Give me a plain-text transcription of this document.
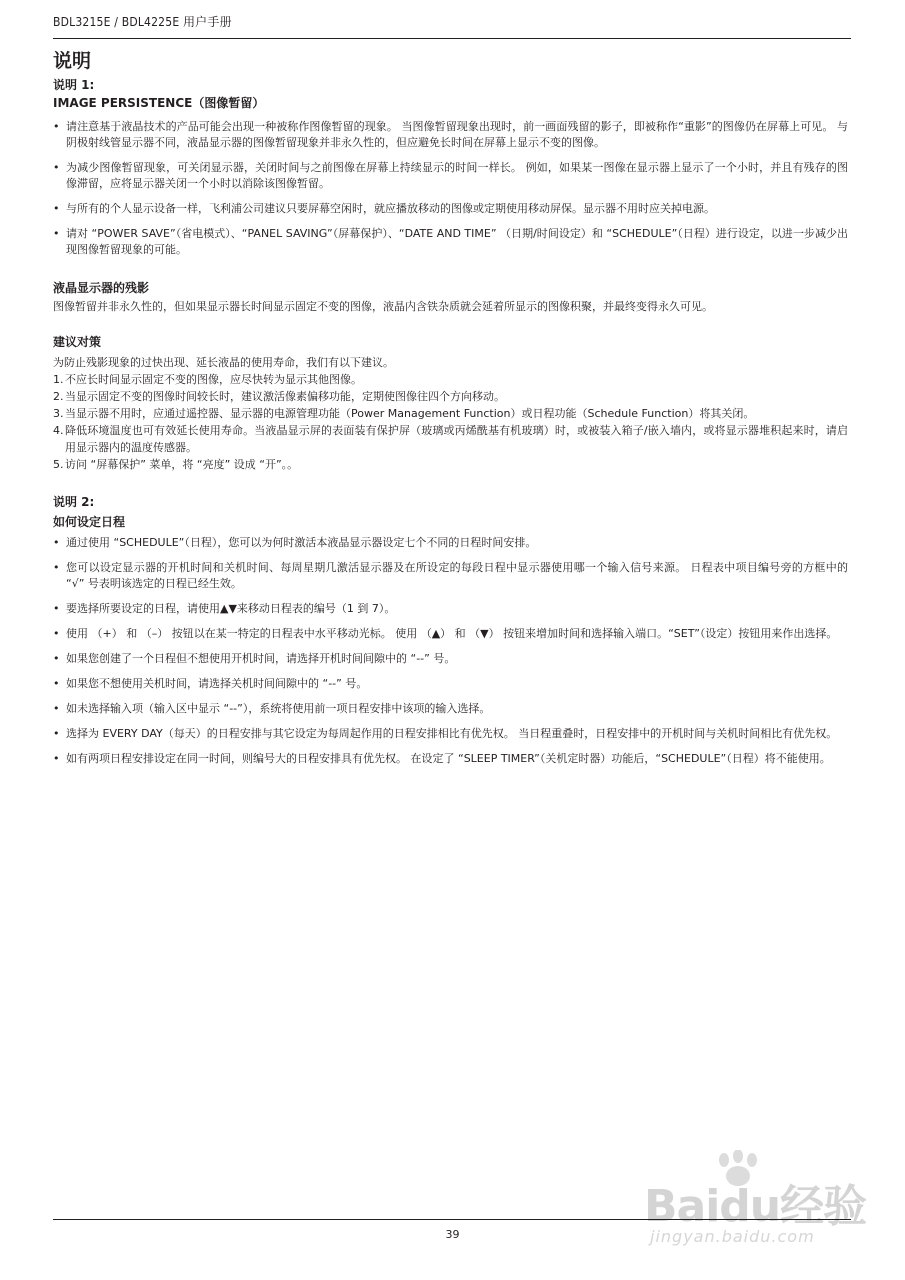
BDL3215E / BDL4225E 用户手册
说明
说明 1:
IMAGE PERSISTENCE（图像暂留）
• 请注意基于液晶技术的产品可能会出现一种被称作图像暂留的现象。 当图像暂留现象出现时，前一画面残留的影子，即被称作“重影”的图像仍在屏幕上可见。 与阴极射线管显示器不同，液晶显示器的图像暂留现象并非永久性的，但应避免长时间在屏幕上显示不变的图像。
• 为减少图像暂留现象，可关闭显示器，关闭时间与之前图像在屏幕上持续显示的时间一样长。 例如，如果某一图像在显示器上显示了一个小时，并且有残存的图像滞留，应将显示器关闭一个小时以消除该图像暂留。
• 与所有的个人显示设备一样，飞利浦公司建议只要屏幕空闲时，就应播放移动的图像或定期使用移动屏保。显示器不用时应关掉电源。
• 请对 “POWER SAVE”（省电模式）、“PANEL SAVING”（屏幕保护）、“DATE AND TIME” （日期/时间设定）和 “SCHEDULE”（日程）进行设定，以进一步减少出现图像暂留现象的可能。
液晶显示器的残影

图像暂留并非永久性的，但如果显示器长时间显示固定不变的图像，液晶内含铁杂质就会延着所显示的图像积聚，并最终变得永久可见。

建议对策

为防止残影现象的过快出现、延长液晶的使用寿命，我们有以下建议。

1. 不应长时间显示固定不变的图像，应尽快转为显示其他图像。
2. 当显示固定不变的图像时间较长时，建议激活像素偏移功能，定期使图像往四个方向移动。
3. 当显示器不用时，应通过遥控器、显示器的电源管理功能（Power Management Function）或日程功能（Schedule Function）将其关闭。
4. 降低环境温度也可有效延长使用寿命。当液晶显示屏的表面装有保护屏（玻璃或丙烯酰基有机玻璃）时，或被装入箱子/嵌入墙内，或将显示器堆积起来时，请启用显示器内的温度传感器。
5. 访问 “屏幕保护” 菜单，将 “亮度” 设成 “开”。。
说明 2:
如何设定日程
• 通过使用 “SCHEDULE”（日程），您可以为何时激活本液晶显示器设定七个不同的日程时间安排。
• 您可以设定显示器的开机时间和关机时间、每周星期几激活显示器及在所设定的每段日程中显示器使用哪一个输入信号来源。 日程表中项目编号旁的方框中的 “√” 号表明该选定的日程已经生效。
• 要选择所要设定的日程，请使用▲▼来移动日程表的编号（1 到 7）。
• 使用 （+） 和 （–） 按钮以在某一特定的日程表中水平移动光标。 使用 （▲） 和 （▼） 按钮来增加时间和选择输入端口。“SET”（设定）按钮用来作出选择。
• 如果您创建了一个日程但不想使用开机时间，请选择开机时间间隙中的 “--” 号。
• 如果您不想使用关机时间，请选择关机时间间隙中的 “--” 号。
• 如未选择输入项（输入区中显示 “--”），系统将使用前一项日程安排中该项的输入选择。
• 选择为 EVERY DAY（每天）的日程安排与其它设定为每周起作用的日程安排相比有优先权。 当日程重叠时，日程安排中的开机时间与关机时间相比有优先权。
• 如有两项日程安排设定在同一时间，则编号大的日程安排具有优先权。 在设定了 “SLEEP TIMER”（关机定时器）功能后，“SCHEDULE”（日程）将不能使用。
Baidu经验
jingyan.baidu.com
39
